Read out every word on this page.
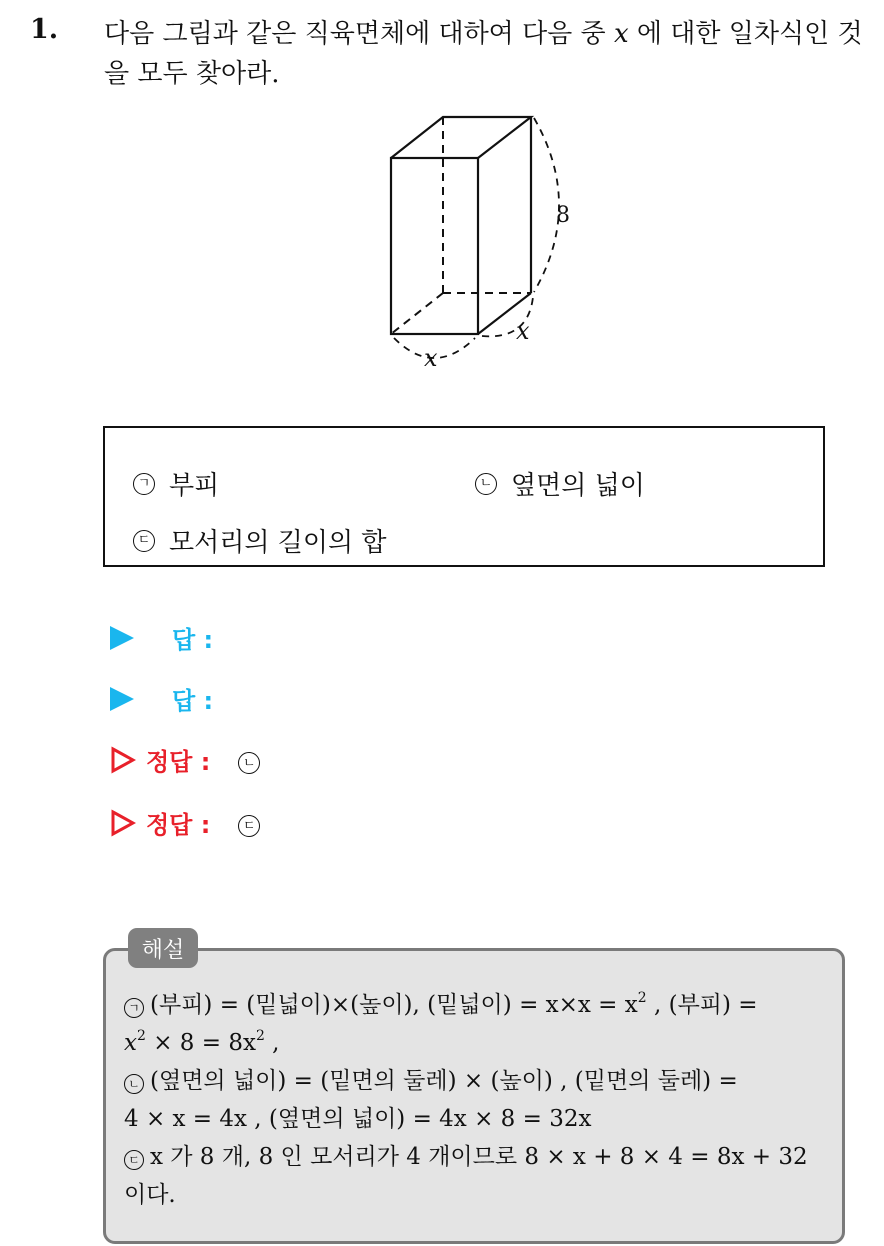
1. 다음 그림과 같은 직육면체에 대하여 다음 중 x 에 대한 일차식인 것을 모두 찾아라.
8
x
x
ㄱ 부피	ㄴ 옆면의 넓이
ㄷ 모서리의 길이의 합
답 :
답 :
정답 :	ㄴ
정답 :	ㄷ
해설

ㄱ (부피) = (밑넓이)×(높이), (밑넓이) = $x\times x = x^2$ , (부피) =

$x^2 \times 8 = 8x^2$ ,

ㄴ (옆면의 넓이) = (밑면의 둘레) × (높이) , (밑면의 둘레) =

4 × x = 4x , (옆면의 넓이) = 4x × 8 = 32x

ㄷ x 가 8 개, 8 인 모서리가 4 개이므로 8 × x + 8 × 4 = 8x + 32

이다.
